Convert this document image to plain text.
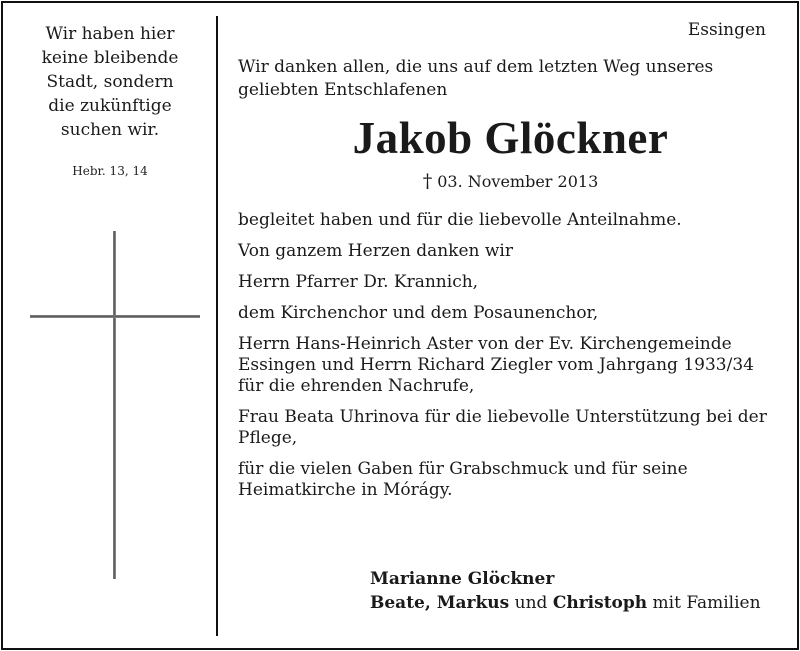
Wir haben hier
keine bleibende
Stadt, sondern
die zukünftige
suchen wir.

Hebr. 13, 14
Essingen

Wir danken allen, die uns auf dem letzten Weg unseres
geliebten Entschlafenen

Jakob Glöckner

† 03. November 2013

begleitet haben und für die liebevolle Anteilnahme.

Von ganzem Herzen danken wir

Herrn Pfarrer Dr. Krannich,

dem Kirchenchor und dem Posaunenchor,

Herrn Hans-Heinrich Aster von der Ev. Kirchengemeinde
Essingen und Herrn Richard Ziegler vom Jahrgang 1933/34
für die ehrenden Nachrufe,

Frau Beata Uhrinova für die liebevolle Unterstützung bei der
Pflege,

für die vielen Gaben für Grabschmuck und für seine
Heimatkirche in Mórágy.

Marianne Glöckner
Beate, Markus und Christoph mit Familien
